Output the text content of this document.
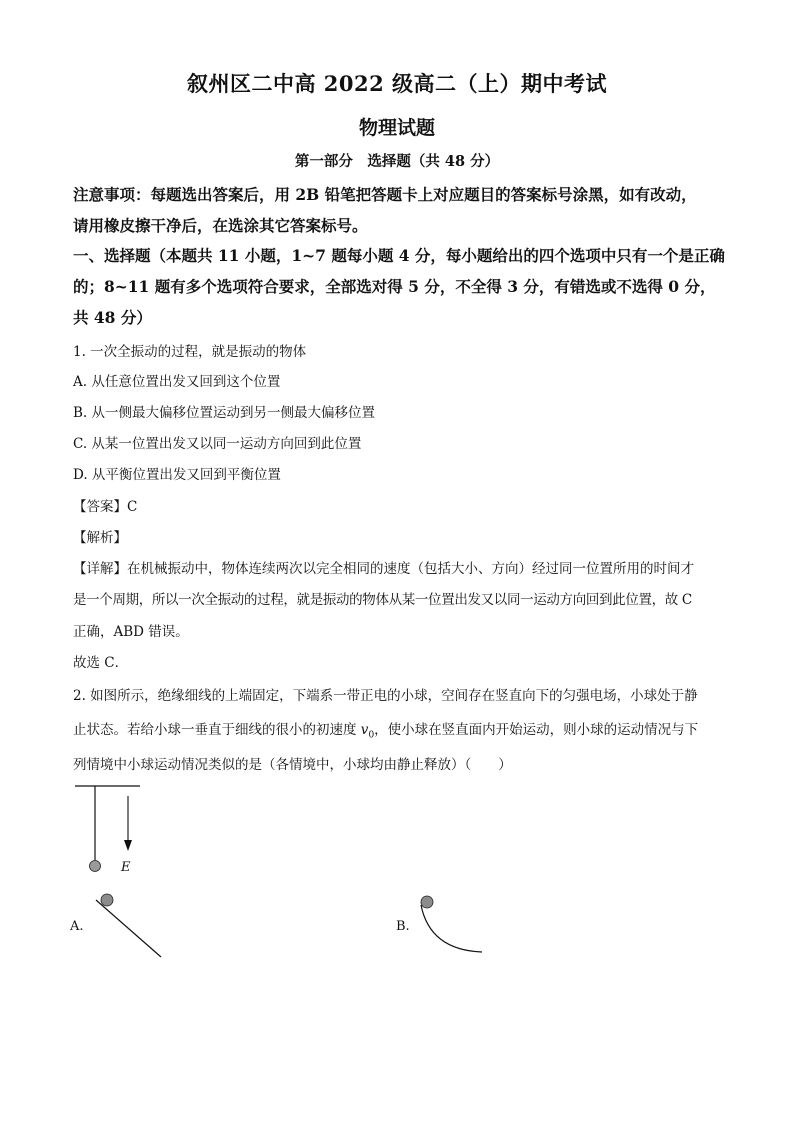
叙州区二中高 2022 级高二（上）期中考试
物理试题
第一部分　选择题（共 48 分）
注意事项：每题选出答案后，用 2B 铅笔把答题卡上对应题目的答案标号涂黑，如有改动，
请用橡皮擦干净后，在选涂其它答案标号。
一、选择题（本题共 11 小题，1~7 题每小题 4 分，每小题给出的四个选项中只有一个是正确
的；8~11 题有多个选项符合要求，全部选对得 5 分，不全得 3 分，有错选或不选得 0 分，
共 48 分）
1. 一次全振动的过程，就是振动的物体
A. 从任意位置出发又回到这个位置
B. 从一侧最大偏移位置运动到另一侧最大偏移位置
C. 从某一位置出发又以同一运动方向回到此位置
D. 从平衡位置出发又回到平衡位置
【答案】C
【解析】
【详解】在机械振动中，物体连续两次以完全相同的速度（包括大小、方向）经过同一位置所用的时间才
是一个周期，所以一次全振动的过程，就是振动的物体从某一位置出发又以同一运动方向回到此位置，故 C
正确，ABD 错误。
故选 C．
2. 如图所示，绝缘细线的上端固定，下端系一带正电的小球，空间存在竖直向下的匀强电场，小球处于静
止状态。若给小球一垂直于细线的很小的初速度 $v_0$，使小球在竖直面内开始运动，则小球的运动情况与下
列情境中小球运动情况类似的是（各情境中，小球均由静止释放）（　　）
E
A.	B.
